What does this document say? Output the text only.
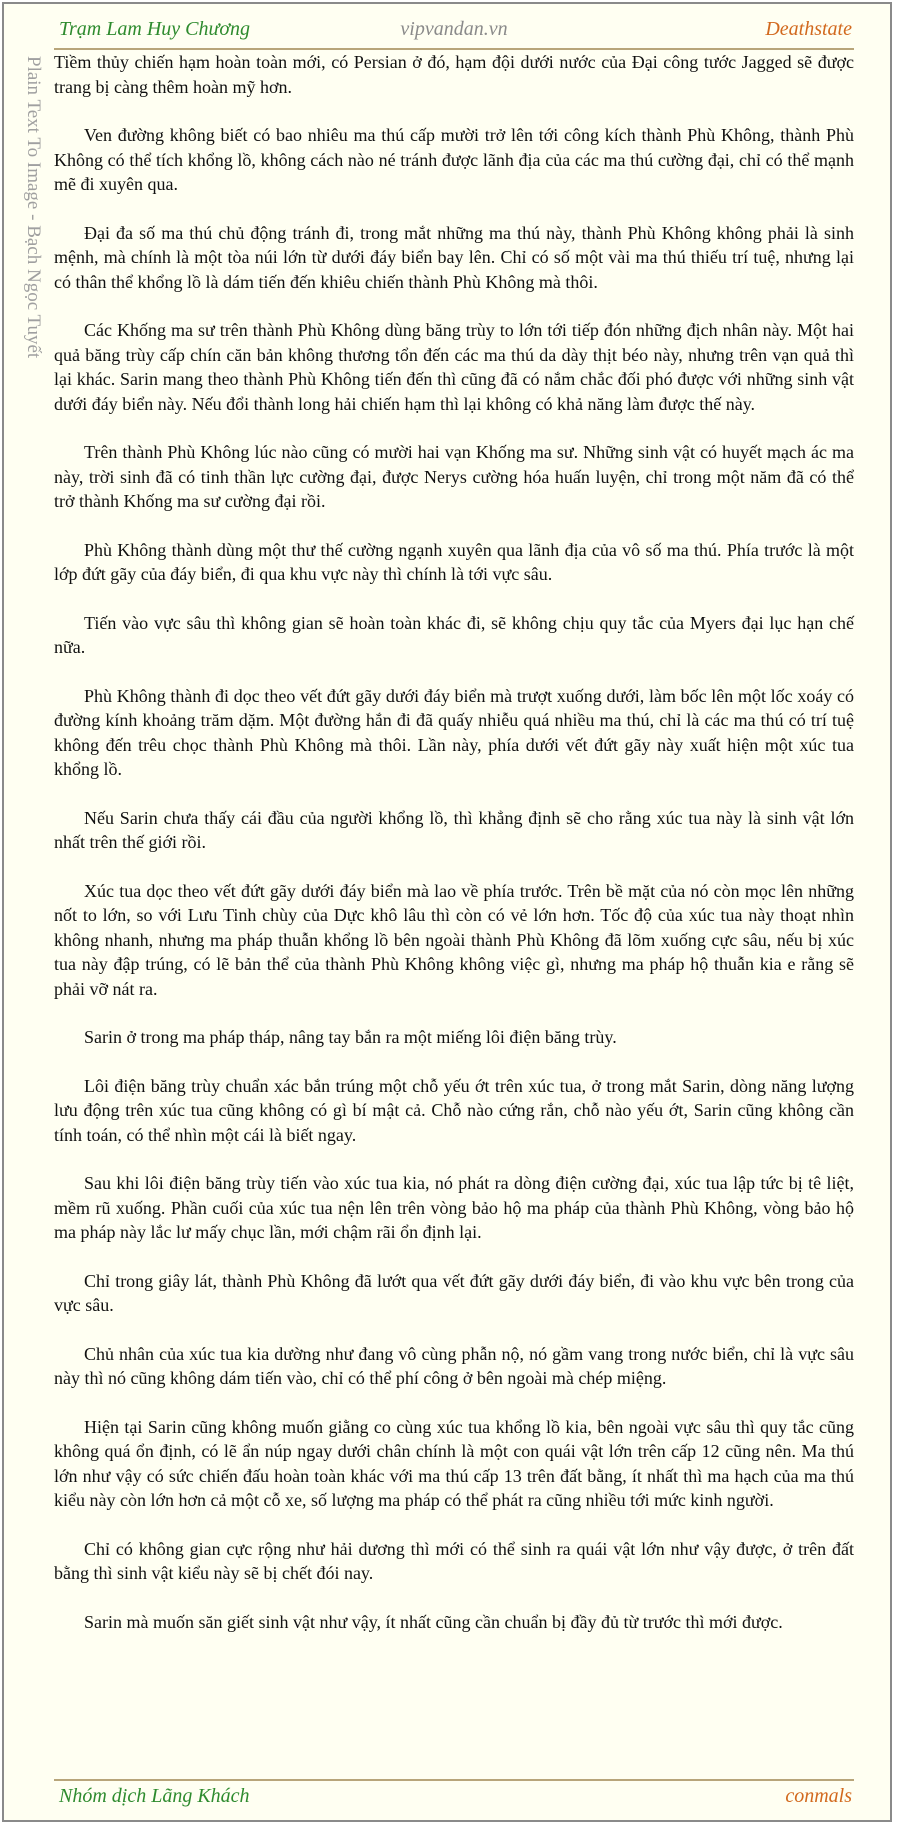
Trạm Lam Huy Chương	vipvandan.vn	Deathstate
Plain Text To Image - Bạch Ngọc Tuyết Tiềm thủy chiến hạm hoàn toàn mới, có Persian ở đó, hạm đội dưới nước của Đại công tước Jagged sẽ được trang bị càng thêm hoàn mỹ hơn.

Ven đường không biết có bao nhiêu ma thú cấp mười trở lên tới công kích thành Phù Không, thành Phù Không có thể tích khổng lồ, không cách nào né tránh được lãnh địa của các ma thú cường đại, chỉ có thể mạnh mẽ đi xuyên qua.

Đại đa số ma thú chủ động tránh đi, trong mắt những ma thú này, thành Phù Không không phải là sinh mệnh, mà chính là một tòa núi lớn từ dưới đáy biển bay lên. Chỉ có số một vài ma thú thiếu trí tuệ, nhưng lại có thân thể khổng lồ là dám tiến đến khiêu chiến thành Phù Không mà thôi.

Các Khống ma sư trên thành Phù Không dùng băng trùy to lớn tới tiếp đón những địch nhân này. Một hai quả băng trùy cấp chín căn bản không thương tổn đến các ma thú da dày thịt béo này, nhưng trên vạn quả thì lại khác. Sarin mang theo thành Phù Không tiến đến thì cũng đã có nắm chắc đối phó được với những sinh vật dưới đáy biển này. Nếu đổi thành long hải chiến hạm thì lại không có khả năng làm được thế này.

Trên thành Phù Không lúc nào cũng có mười hai vạn Khống ma sư. Những sinh vật có huyết mạch ác ma này, trời sinh đã có tinh thần lực cường đại, được Nerys cường hóa huấn luyện, chỉ trong một năm đã có thể trở thành Khống ma sư cường đại rồi.

Phù Không thành dùng một thư thế cường ngạnh xuyên qua lãnh địa của vô số ma thú. Phía trước là một lớp đứt gãy của đáy biển, đi qua khu vực này thì chính là tới vực sâu.

Tiến vào vực sâu thì không gian sẽ hoàn toàn khác đi, sẽ không chịu quy tắc của Myers đại lục hạn chế nữa.

Phù Không thành đi dọc theo vết đứt gãy dưới đáy biển mà trượt xuống dưới, làm bốc lên một lốc xoáy có đường kính khoảng trăm dặm. Một đường hắn đi đã quấy nhiễu quá nhiều ma thú, chỉ là các ma thú có trí tuệ không đến trêu chọc thành Phù Không mà thôi. Lần này, phía dưới vết đứt gãy này xuất hiện một xúc tua khổng lồ.

Nếu Sarin chưa thấy cái đầu của người khổng lồ, thì khẳng định sẽ cho rằng xúc tua này là sinh vật lớn nhất trên thế giới rồi.

Xúc tua dọc theo vết đứt gãy dưới đáy biển mà lao về phía trước. Trên bề mặt của nó còn mọc lên những nốt to lớn, so với Lưu Tinh chùy của Dực khô lâu thì còn có vẻ lớn hơn. Tốc độ của xúc tua này thoạt nhìn không nhanh, nhưng ma pháp thuẫn khổng lồ bên ngoài thành Phù Không đã lõm xuống cực sâu, nếu bị xúc tua này đập trúng, có lẽ bản thể của thành Phù Không không việc gì, nhưng ma pháp hộ thuẫn kia e rằng sẽ phải vỡ nát ra.

Sarin ở trong ma pháp tháp, nâng tay bắn ra một miếng lôi điện băng trùy.

Lôi điện băng trùy chuẩn xác bắn trúng một chỗ yếu ớt trên xúc tua, ở trong mắt Sarin, dòng năng lượng lưu động trên xúc tua cũng không có gì bí mật cả. Chỗ nào cứng rắn, chỗ nào yếu ớt, Sarin cũng không cần tính toán, có thể nhìn một cái là biết ngay.

Sau khi lôi điện băng trùy tiến vào xúc tua kia, nó phát ra dòng điện cường đại, xúc tua lập tức bị tê liệt, mềm rũ xuống. Phần cuối của xúc tua nện lên trên vòng bảo hộ ma pháp của thành Phù Không, vòng bảo hộ ma pháp này lắc lư mấy chục lần, mới chậm rãi ổn định lại.

Chỉ trong giây lát, thành Phù Không đã lướt qua vết đứt gãy dưới đáy biển, đi vào khu vực bên trong của vực sâu.

Chủ nhân của xúc tua kia dường như đang vô cùng phẫn nộ, nó gầm vang trong nước biển, chỉ là vực sâu này thì nó cũng không dám tiến vào, chỉ có thể phí công ở bên ngoài mà chép miệng.

Hiện tại Sarin cũng không muốn giằng co cùng xúc tua khổng lồ kia, bên ngoài vực sâu thì quy tắc cũng không quá ổn định, có lẽ ẩn núp ngay dưới chân chính là một con quái vật lớn trên cấp 12 cũng nên. Ma thú lớn như vậy có sức chiến đấu hoàn toàn khác với ma thú cấp 13 trên đất bằng, ít nhất thì ma hạch của ma thú kiểu này còn lớn hơn cả một cỗ xe, số lượng ma pháp có thể phát ra cũng nhiều tới mức kinh người.

Chỉ có không gian cực rộng như hải dương thì mới có thể sinh ra quái vật lớn như vậy được, ở trên đất bằng thì sinh vật kiểu này sẽ bị chết đói nay.

Sarin mà muốn săn giết sinh vật như vậy, ít nhất cũng cần chuẩn bị đầy đủ từ trước thì mới được.

Nhóm dịch Lãng Khách	conmals
